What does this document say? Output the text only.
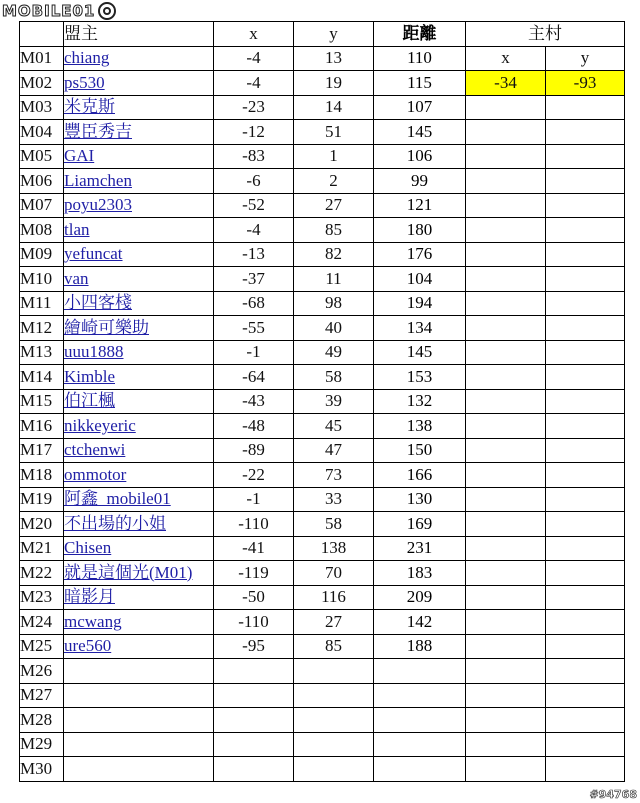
MOBILE01
	盟主	x	y	距離	主村	
M01	chiang	-4	13	110	x	y
M02	ps530	-4	19	115	-34	-93
M03	米克斯	-23	14	107		
M04	豐臣秀吉	-12	51	145		
M05	GAI	-83	1	106		
M06	Liamchen	-6	2	99		
M07	poyu2303	-52	27	121		
M08	tlan	-4	85	180		
M09	yefuncat	-13	82	176		
M10	van	-37	11	104		
M11	小四客棧	-68	98	194		
M12	繪崎可樂助	-55	40	134		
M13	uuu1888	-1	49	145		
M14	Kimble	-64	58	153		
M15	伯江楓	-43	39	132		
M16	nikkeyeric	-48	45	138		
M17	ctchenwi	-89	47	150		
M18	ommotor	-22	73	166		
M19	阿鑫_mobile01	-1	33	130		
M20	不出場的小姐	-110	58	169		
M21	Chisen	-41	138	231		
M22	就是這個光(M01)	-119	70	183		
M23	暗影月	-50	116	209		
M24	mcwang	-110	27	142		
M25	ure560	-95	85	188		
M26						
M27						
M28						
M29						
M30						
#94768
